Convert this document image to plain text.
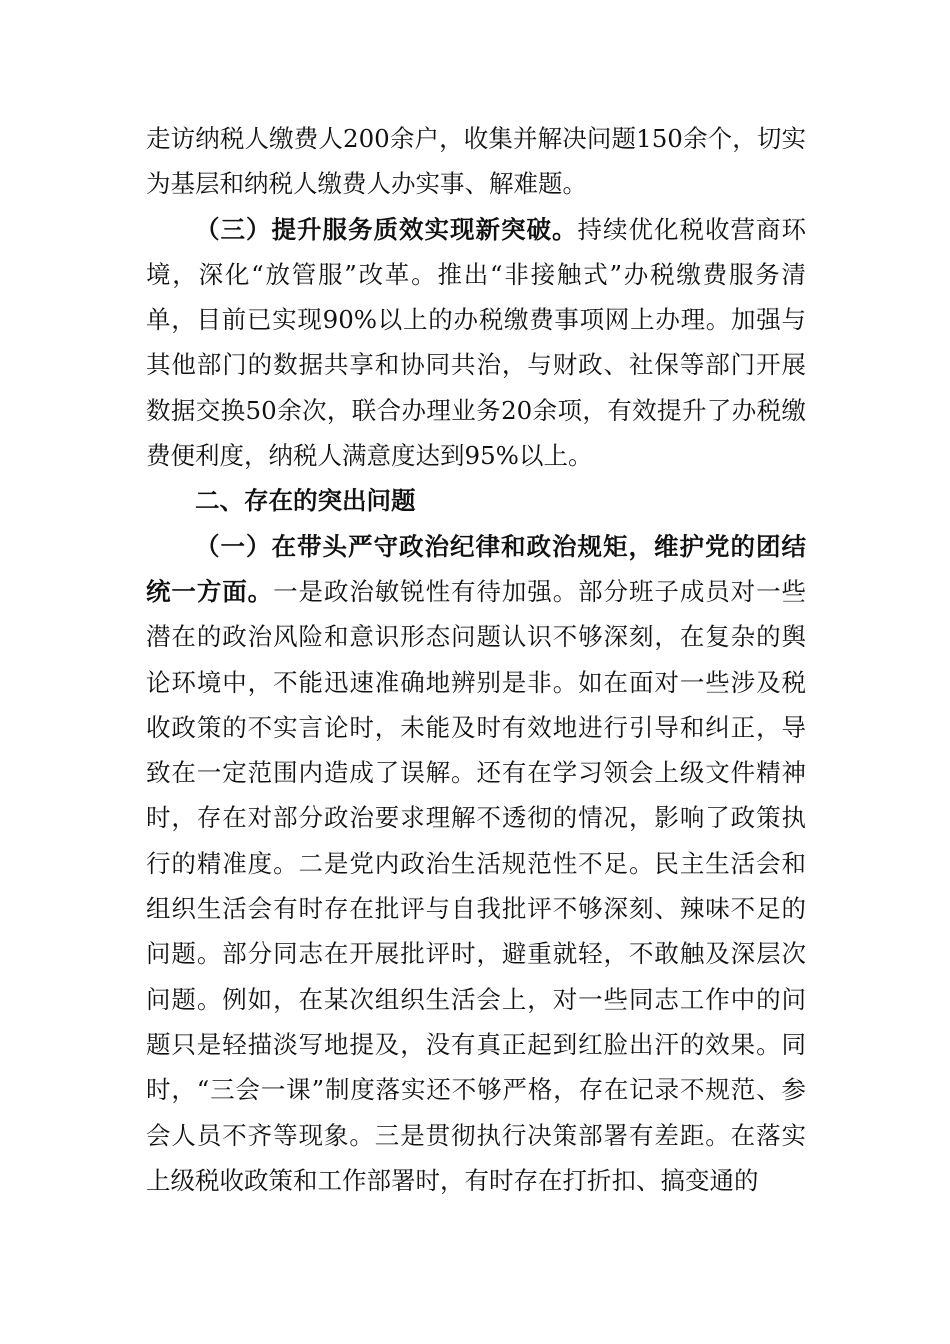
走访纳税人缴费人200余户，收集并解决问题150余个，切实为基层和纳税人缴费人办实事、解难题。

（三）提升服务质效实现新突破。持续优化税收营商环境，深化“放管服”改革。推出“非接触式”办税缴费服务清单，目前已实现90%以上的办税缴费事项网上办理。加强与其他部门的数据共享和协同共治，与财政、社保等部门开展数据交换50余次，联合办理业务20余项，有效提升了办税缴费便利度，纳税人满意度达到95%以上。

二、存在的突出问题

（一）在带头严守政治纪律和政治规矩，维护党的团结统一方面。一是政治敏锐性有待加强。部分班子成员对一些潜在的政治风险和意识形态问题认识不够深刻，在复杂的舆论环境中，不能迅速准确地辨别是非。如在面对一些涉及税收政策的不实言论时，未能及时有效地进行引导和纠正，导致在一定范围内造成了误解。还有在学习领会上级文件精神时，存在对部分政治要求理解不透彻的情况，影响了政策执行的精准度。二是党内政治生活规范性不足。民主生活会和组织生活会有时存在批评与自我批评不够深刻、辣味不足的问题。部分同志在开展批评时，避重就轻，不敢触及深层次问题。例如，在某次组织生活会上，对一些同志工作中的问题只是轻描淡写地提及，没有真正起到红脸出汗的效果。同时，“三会一课”制度落实还不够严格，存在记录不规范、参会人员不齐等现象。三是贯彻执行决策部署有差距。在落实上级税收政策和工作部署时，有时存在打折扣、搞变通的
